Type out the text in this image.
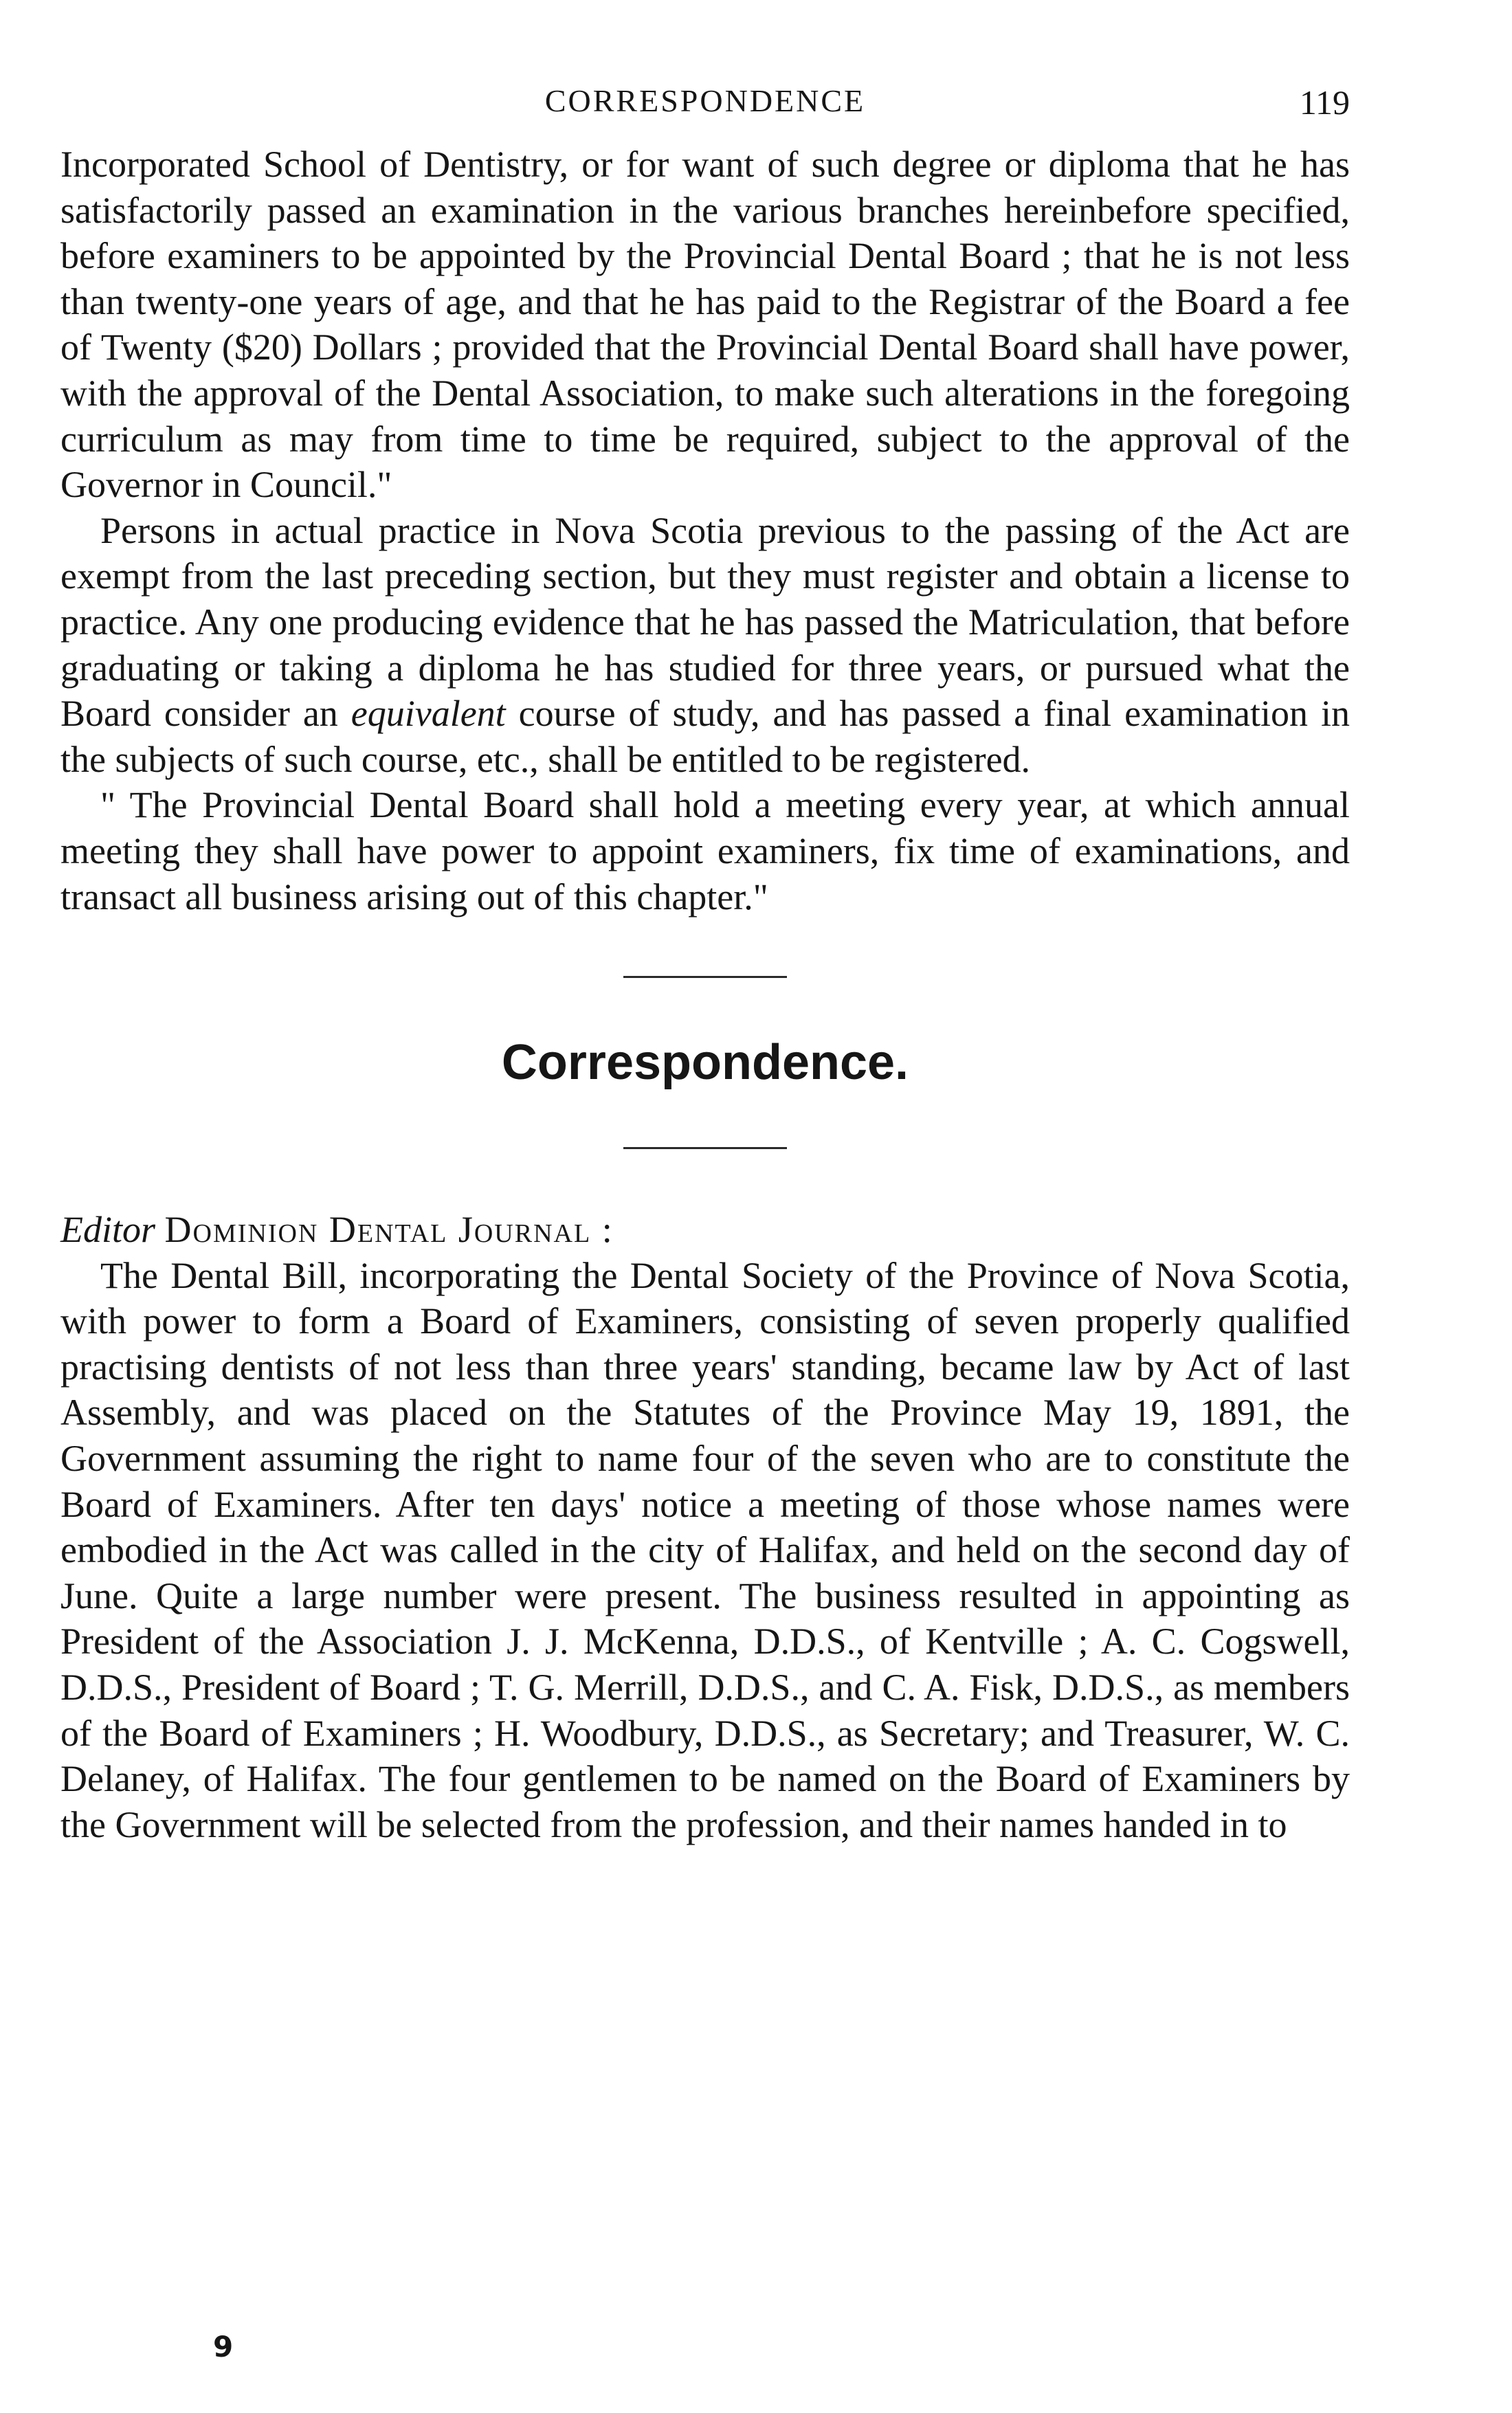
CORRESPONDENCE	119

Incorporated School of Dentistry, or for want of such degree or diploma that he has satisfactorily passed an examination in the various branches hereinbefore specified, before examiners to be appointed by the Provincial Dental Board ; that he is not less than twenty-one years of age, and that he has paid to the Registrar of the Board a fee of Twenty ($20) Dollars ; provided that the Provincial Dental Board shall have power, with the approval of the Dental Association, to make such alterations in the foregoing curriculum as may from time to time be required, subject to the approval of the Governor in Council."

Persons in actual practice in Nova Scotia previous to the passing of the Act are exempt from the last preceding section, but they must register and obtain a license to practice. Any one producing evidence that he has passed the Matriculation, that before graduating or taking a diploma he has studied for three years, or pursued what the Board consider an equivalent course of study, and has passed a final examination in the subjects of such course, etc., shall be entitled to be registered.

" The Provincial Dental Board shall hold a meeting every year, at which annual meeting they shall have power to appoint examiners, fix time of examinations, and transact all business arising out of this chapter."

Correspondence.

Editor Dominion Dental Journal :

The Dental Bill, incorporating the Dental Society of the Province of Nova Scotia, with power to form a Board of Examiners, consisting of seven properly qualified practising dentists of not less than three years' standing, became law by Act of last Assembly, and was placed on the Statutes of the Province May 19, 1891, the Government assuming the right to name four of the seven who are to constitute the Board of Examiners. After ten days' notice a meeting of those whose names were embodied in the Act was called in the city of Halifax, and held on the second day of June. Quite a large number were present. The business resulted in appointing as President of the Association J. J. McKenna, D.D.S., of Kentville ; A. C. Cogswell, D.D.S., President of Board ; T. G. Merrill, D.D.S., and C. A. Fisk, D.D.S., as members of the Board of Examiners ; H. Woodbury, D.D.S., as Secretary; and Treasurer, W. C. Delaney, of Halifax. The four gentlemen to be named on the Board of Examiners by the Government will be selected from the profession, and their names handed in to

9
